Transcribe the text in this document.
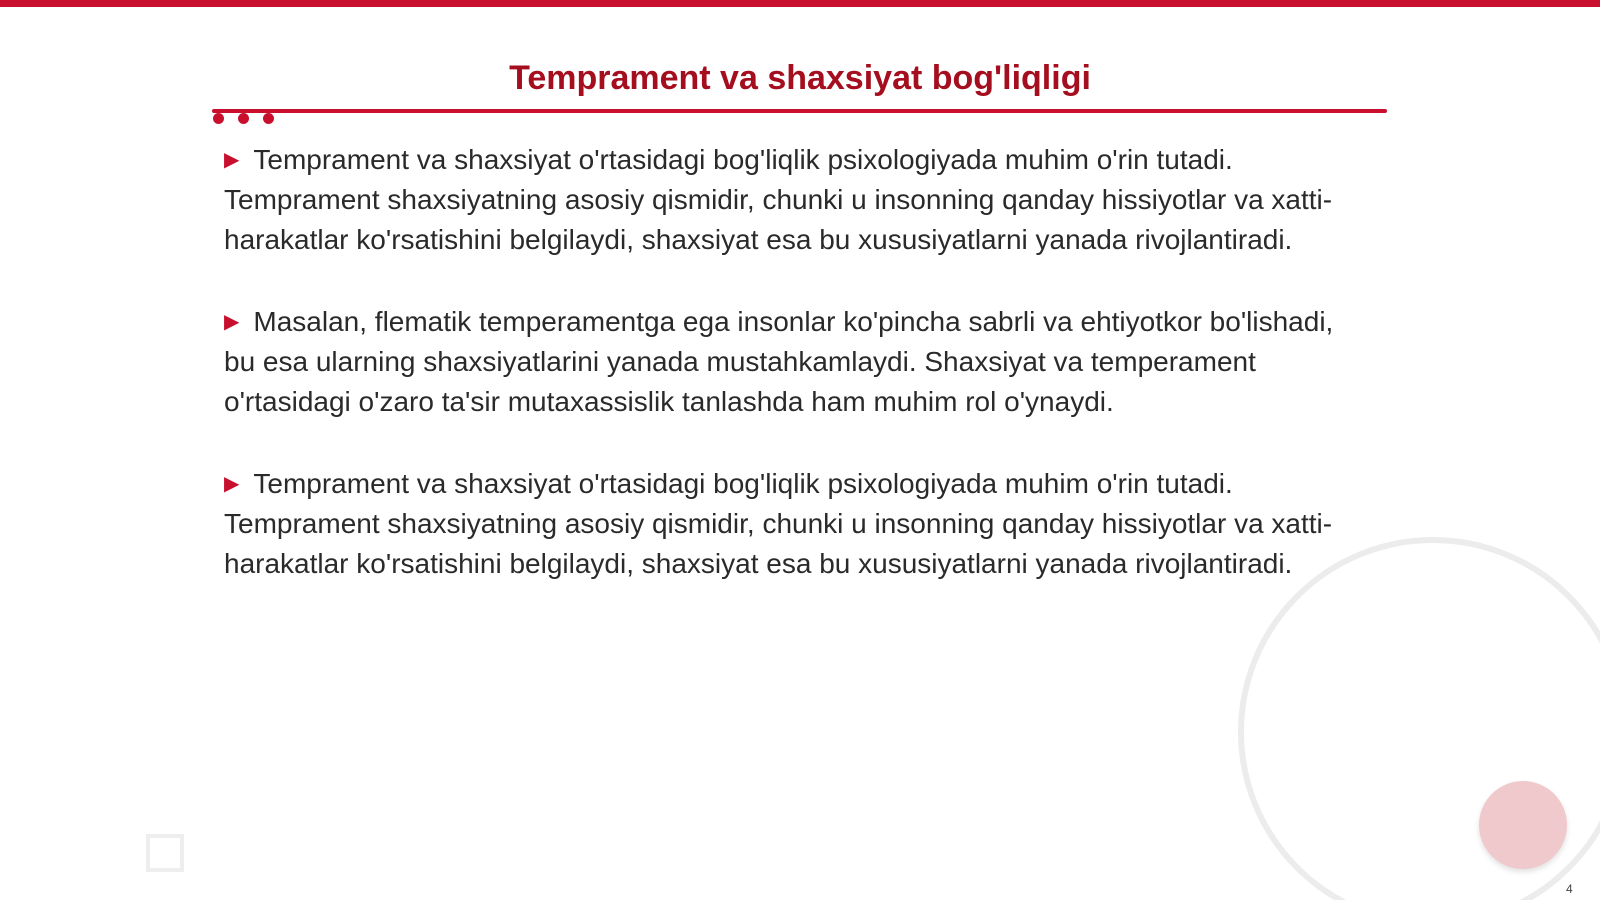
Temprament va shaxsiyat bog'liqligi

▶ Temprament va shaxsiyat o'rtasidagi bog'liqlik psixologiyada muhim o'rin tutadi. Temprament shaxsiyatning asosiy qismidir, chunki u insonning qanday hissiyotlar va xatti-harakatlar ko'rsatishini belgilaydi, shaxsiyat esa bu xususiyatlarni yanada rivojlantiradi.

▶ Masalan, flematik temperamentga ega insonlar ko'pincha sabrli va ehtiyotkor bo'lishadi, bu esa ularning shaxsiyatlarini yanada mustahkamlaydi. Shaxsiyat va temperament o'rtasidagi o'zaro ta'sir mutaxassislik tanlashda ham muhim rol o'ynaydi.

▶ Temprament va shaxsiyat o'rtasidagi bog'liqlik psixologiyada muhim o'rin tutadi. Temprament shaxsiyatning asosiy qismidir, chunki u insonning qanday hissiyotlar va xatti-harakatlar ko'rsatishini belgilaydi, shaxsiyat esa bu xususiyatlarni yanada rivojlantiradi.

4
